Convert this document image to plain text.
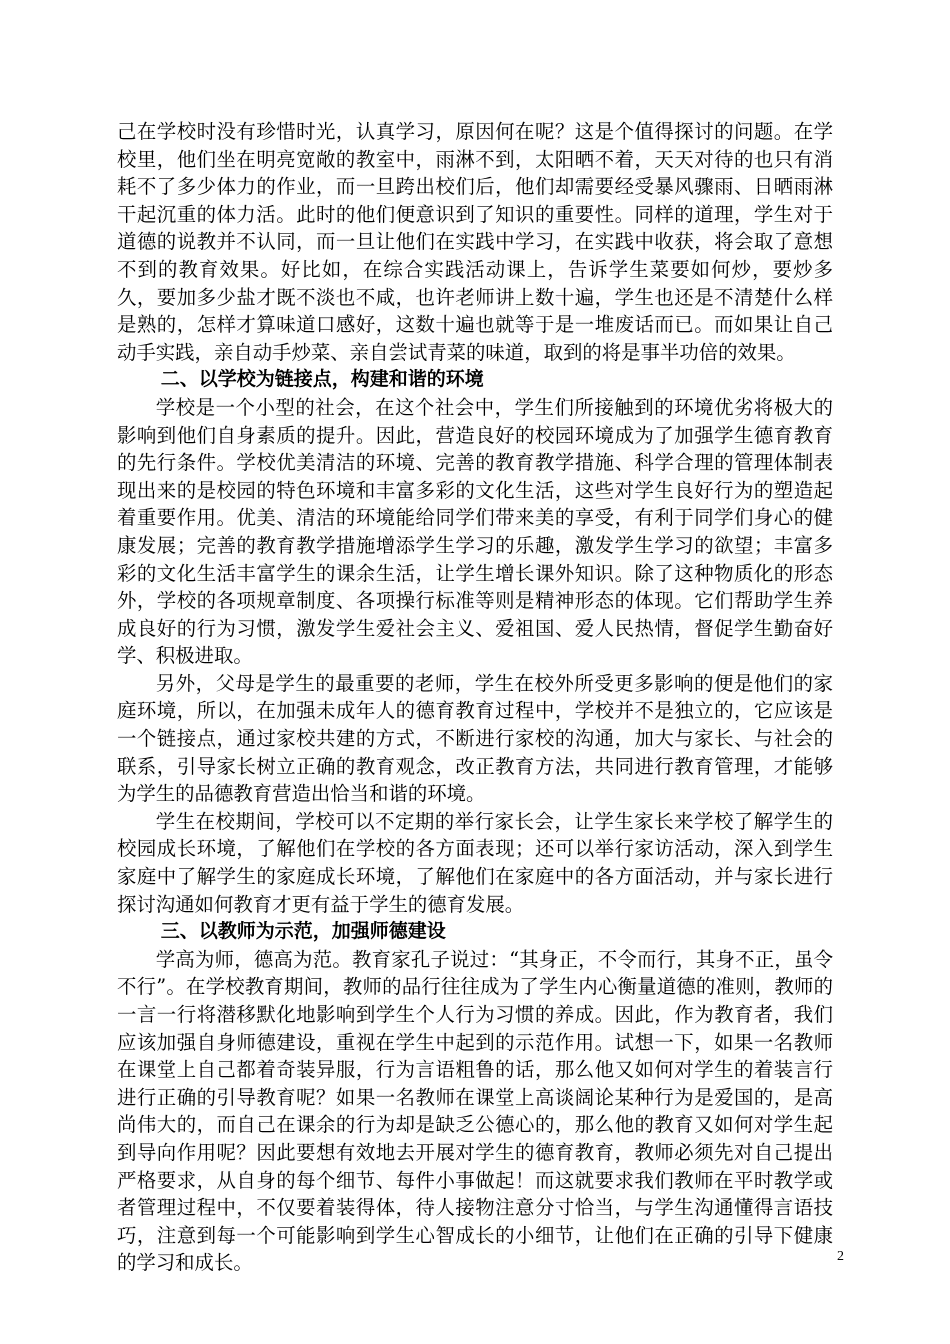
己在学校时没有珍惜时光，认真学习，原因何在呢？这是个值得探讨的问题。在学校里，他们坐在明亮宽敞的教室中，雨淋不到，太阳晒不着，天天对待的也只有消耗不了多少体力的作业，而一旦跨出校们后，他们却需要经受暴风骤雨、日晒雨淋干起沉重的体力活。此时的他们便意识到了知识的重要性。同样的道理，学生对于道德的说教并不认同，而一旦让他们在实践中学习，在实践中收获，将会取了意想不到的教育效果。好比如，在综合实践活动课上，告诉学生菜要如何炒，要炒多久，要加多少盐才既不淡也不咸，也许老师讲上数十遍，学生也还是不清楚什么样是熟的，怎样才算味道口感好，这数十遍也就等于是一堆废话而已。而如果让自己动手实践，亲自动手炒菜、亲自尝试青菜的味道，取到的将是事半功倍的效果。

二、以学校为链接点，构建和谐的环境

学校是一个小型的社会，在这个社会中，学生们所接触到的环境优劣将极大的影响到他们自身素质的提升。因此，营造良好的校园环境成为了加强学生德育教育的先行条件。学校优美清洁的环境、完善的教育教学措施、科学合理的管理体制表现出来的是校园的特色环境和丰富多彩的文化生活，这些对学生良好行为的塑造起着重要作用。优美、清洁的环境能给同学们带来美的享受，有利于同学们身心的健康发展；完善的教育教学措施增添学生学习的乐趣，激发学生学习的欲望；丰富多彩的文化生活丰富学生的课余生活，让学生增长课外知识。除了这种物质化的形态外，学校的各项规章制度、各项操行标准等则是精神形态的体现。它们帮助学生养成良好的行为习惯，激发学生爱社会主义、爱祖国、爱人民热情，督促学生勤奋好学、积极进取。

另外，父母是学生的最重要的老师，学生在校外所受更多影响的便是他们的家庭环境，所以，在加强未成年人的德育教育过程中，学校并不是独立的，它应该是一个链接点，通过家校共建的方式，不断进行家校的沟通，加大与家长、与社会的联系，引导家长树立正确的教育观念，改正教育方法，共同进行教育管理，才能够为学生的品德教育营造出恰当和谐的环境。

学生在校期间，学校可以不定期的举行家长会，让学生家长来学校了解学生的校园成长环境，了解他们在学校的各方面表现；还可以举行家访活动，深入到学生家庭中了解学生的家庭成长环境，了解他们在家庭中的各方面活动，并与家长进行探讨沟通如何教育才更有益于学生的德育发展。

三、以教师为示范，加强师德建设

学高为师，德高为范。教育家孔子说过：“其身正，不令而行，其身不正，虽令不行”。在学校教育期间，教师的品行往往成为了学生内心衡量道德的准则，教师的一言一行将潜移默化地影响到学生个人行为习惯的养成。因此，作为教育者，我们应该加强自身师德建设，重视在学生中起到的示范作用。试想一下，如果一名教师在课堂上自己都着奇装异服，行为言语粗鲁的话，那么他又如何对学生的着装言行进行正确的引导教育呢？如果一名教师在课堂上高谈阔论某种行为是爱国的，是高尚伟大的，而自己在课余的行为却是缺乏公德心的，那么他的教育又如何对学生起到导向作用呢？因此要想有效地去开展对学生的德育教育，教师必须先对自己提出严格要求，从自身的每个细节、每件小事做起！而这就要求我们教师在平时教学或者管理过程中，不仅要着装得体，待人接物注意分寸恰当，与学生沟通懂得言语技巧，注意到每一个可能影响到学生心智成长的小细节，让他们在正确的引导下健康的学习和成长。	2
